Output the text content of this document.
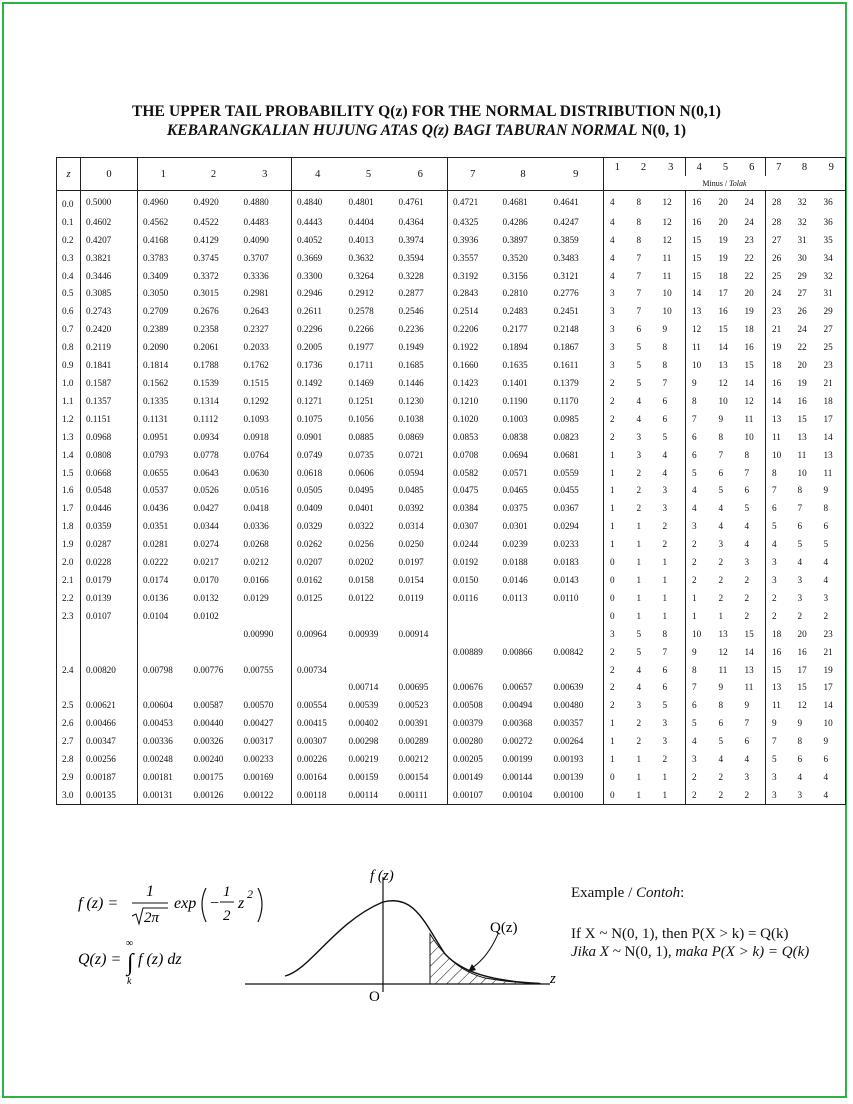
THE UPPER TAIL PROBABILITY Q(z) FOR THE NORMAL DISTRIBUTION N(0,1)
KEBARANGKALIAN HUJUNG ATAS Q(z) BAGI TABURAN NORMAL N(0, 1)
z	0	1	2	3	4	5	6	7	8	9	1	2	3	4	5	6	7	8	9
											Minus / Tolak								
0.0	0.5000	0.4960	0.4920	0.4880	0.4840	0.4801	0.4761	0.4721	0.4681	0.4641	4	8	12	16	20	24	28	32	36
0.1	0.4602	0.4562	0.4522	0.4483	0.4443	0.4404	0.4364	0.4325	0.4286	0.4247	4	8	12	16	20	24	28	32	36
0.2	0.4207	0.4168	0.4129	0.4090	0.4052	0.4013	0.3974	0.3936	0.3897	0.3859	4	8	12	15	19	23	27	31	35
0.3	0.3821	0.3783	0.3745	0.3707	0.3669	0.3632	0.3594	0.3557	0.3520	0.3483	4	7	11	15	19	22	26	30	34
0.4	0.3446	0.3409	0.3372	0.3336	0.3300	0.3264	0.3228	0.3192	0.3156	0.3121	4	7	11	15	18	22	25	29	32
0.5	0.3085	0.3050	0.3015	0.2981	0.2946	0.2912	0.2877	0.2843	0.2810	0.2776	3	7	10	14	17	20	24	27	31
0.6	0.2743	0.2709	0.2676	0.2643	0.2611	0.2578	0.2546	0.2514	0.2483	0.2451	3	7	10	13	16	19	23	26	29
0.7	0.2420	0.2389	0.2358	0.2327	0.2296	0.2266	0.2236	0.2206	0.2177	0.2148	3	6	9	12	15	18	21	24	27
0.8	0.2119	0.2090	0.2061	0.2033	0.2005	0.1977	0.1949	0.1922	0.1894	0.1867	3	5	8	11	14	16	19	22	25
0.9	0.1841	0.1814	0.1788	0.1762	0.1736	0.1711	0.1685	0.1660	0.1635	0.1611	3	5	8	10	13	15	18	20	23
1.0	0.1587	0.1562	0.1539	0.1515	0.1492	0.1469	0.1446	0.1423	0.1401	0.1379	2	5	7	9	12	14	16	19	21
1.1	0.1357	0.1335	0.1314	0.1292	0.1271	0.1251	0.1230	0.1210	0.1190	0.1170	2	4	6	8	10	12	14	16	18
1.2	0.1151	0.1131	0.1112	0.1093	0.1075	0.1056	0.1038	0.1020	0.1003	0.0985	2	4	6	7	9	11	13	15	17
1.3	0.0968	0.0951	0.0934	0.0918	0.0901	0.0885	0.0869	0.0853	0.0838	0.0823	2	3	5	6	8	10	11	13	14
1.4	0.0808	0.0793	0.0778	0.0764	0.0749	0.0735	0.0721	0.0708	0.0694	0.0681	1	3	4	6	7	8	10	11	13
1.5	0.0668	0.0655	0.0643	0.0630	0.0618	0.0606	0.0594	0.0582	0.0571	0.0559	1	2	4	5	6	7	8	10	11
1.6	0.0548	0.0537	0.0526	0.0516	0.0505	0.0495	0.0485	0.0475	0.0465	0.0455	1	2	3	4	5	6	7	8	9
1.7	0.0446	0.0436	0.0427	0.0418	0.0409	0.0401	0.0392	0.0384	0.0375	0.0367	1	2	3	4	4	5	6	7	8
1.8	0.0359	0.0351	0.0344	0.0336	0.0329	0.0322	0.0314	0.0307	0.0301	0.0294	1	1	2	3	4	4	5	6	6
1.9	0.0287	0.0281	0.0274	0.0268	0.0262	0.0256	0.0250	0.0244	0.0239	0.0233	1	1	2	2	3	4	4	5	5
2.0	0.0228	0.0222	0.0217	0.0212	0.0207	0.0202	0.0197	0.0192	0.0188	0.0183	0	1	1	2	2	3	3	4	4
2.1	0.0179	0.0174	0.0170	0.0166	0.0162	0.0158	0.0154	0.0150	0.0146	0.0143	0	1	1	2	2	2	3	3	4
2.2	0.0139	0.0136	0.0132	0.0129	0.0125	0.0122	0.0119	0.0116	0.0113	0.0110	0	1	1	1	2	2	2	3	3
2.3	0.0107	0.0104	0.0102								0	1	1	1	1	2	2	2	2
				0.00990	0.00964	0.00939	0.00914				3	5	8	10	13	15	18	20	23
								0.00889	0.00866	0.00842	2	5	7	9	12	14	16	16	21
2.4	0.00820	0.00798	0.00776	0.00755	0.00734						2	4	6	8	11	13	15	17	19
						0.00714	0.00695	0.00676	0.00657	0.00639	2	4	6	7	9	11	13	15	17
2.5	0.00621	0.00604	0.00587	0.00570	0.00554	0.00539	0.00523	0.00508	0.00494	0.00480	2	3	5	6	8	9	11	12	14
2.6	0.00466	0.00453	0.00440	0.00427	0.00415	0.00402	0.00391	0.00379	0.00368	0.00357	1	2	3	5	6	7	9	9	10
2.7	0.00347	0.00336	0.00326	0.00317	0.00307	0.00298	0.00289	0.00280	0.00272	0.00264	1	2	3	4	5	6	7	8	9
2.8	0.00256	0.00248	0.00240	0.00233	0.00226	0.00219	0.00212	0.00205	0.00199	0.00193	1	1	2	3	4	4	5	6	6
2.9	0.00187	0.00181	0.00175	0.00169	0.00164	0.00159	0.00154	0.00149	0.00144	0.00139	0	1	1	2	2	3	3	4	4
3.0	0.00135	0.00131	0.00126	0.00122	0.00118	0.00114	0.00111	0.00107	0.00104	0.00100	0	1	1	2	2	2	3	3	4
f (z) =
1
2π
exp −
1
2
z
2
Q(z) =
∞
∫
k
f (z) dz
f (z)
Q(z)
O
z
Example / Contoh:
If X ~ N(0, 1), then P(X > k) = Q(k)
Jika X ~ N(0, 1), maka P(X > k) = Q(k)
